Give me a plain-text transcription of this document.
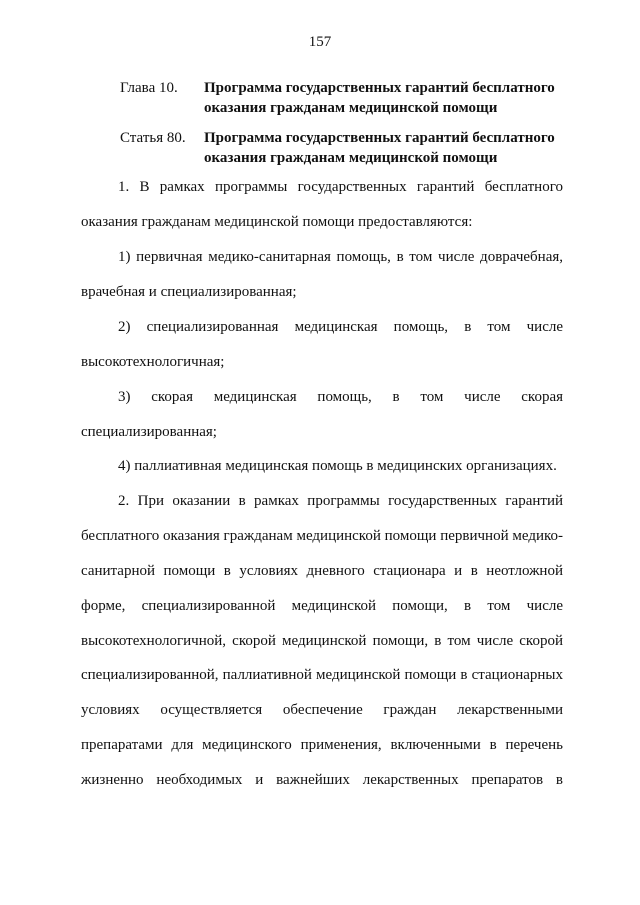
157
Глава 10. Программа государственных гарантий бесплатного
оказания гражданам медицинской помощи
Статья 80. Программа государственных гарантий бесплатного
оказания гражданам медицинской помощи
1. В рамках программы государственных гарантий бесплатного
оказания гражданам медицинской помощи предоставляются:
1) первичная медико-санитарная помощь, в том числе доврачебная,
врачебная и специализированная;
2) специализированная медицинская помощь, в том числе
высокотехнологичная;
3) скорая медицинская помощь, в том числе скорая
специализированная;
4) паллиативная медицинская помощь в медицинских организациях.
2. При оказании в рамках программы государственных гарантий
бесплатного оказания гражданам медицинской помощи первичной медико-
санитарной помощи в условиях дневного стационара и в неотложной
форме, специализированной медицинской помощи, в том числе
высокотехнологичной, скорой медицинской помощи, в том числе скорой
специализированной, паллиативной медицинской помощи в стационарных
условиях осуществляется обеспечение граждан лекарственными
препаратами для медицинского применения, включенными в перечень
жизненно необходимых и важнейших лекарственных препаратов в
